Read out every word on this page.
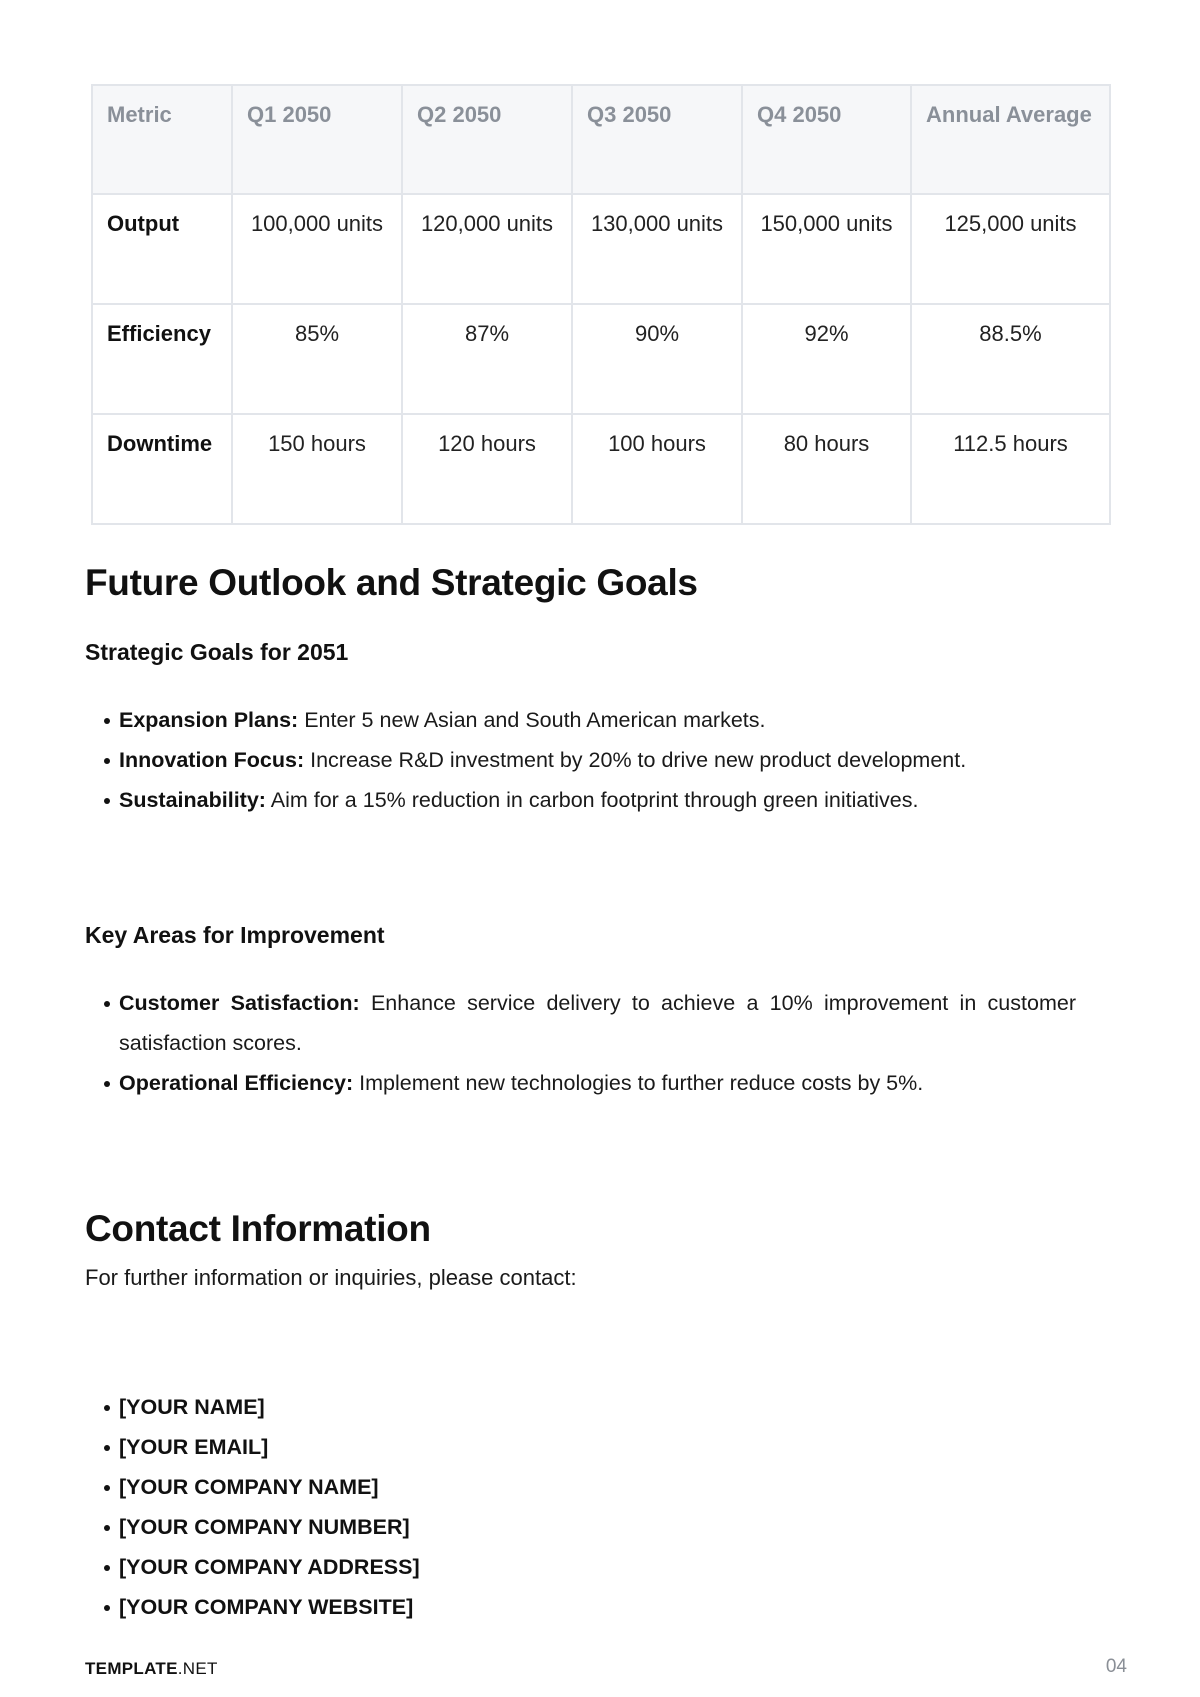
Metric	Q1 2050	Q2 2050	Q3 2050	Q4 2050	Annual Average
Output	100,000 units	120,000 units	130,000 units	150,000 units	125,000 units
Efficiency	85%	87%	90%	92%	88.5%
Downtime	150 hours	120 hours	100 hours	80 hours	112.5 hours
Future Outlook and Strategic Goals
Strategic Goals for 2051
Expansion Plans: Enter 5 new Asian and South American markets.
Innovation Focus: Increase R&D investment by 20% to drive new product development.
Sustainability: Aim for a 15% reduction in carbon footprint through green initiatives.
Key Areas for Improvement
Customer Satisfaction: Enhance service delivery to achieve a 10% improvement in customer satisfaction scores.
Operational Efficiency: Implement new technologies to further reduce costs by 5%.
Contact Information

For further information or inquiries, please contact:

[YOUR NAME]
[YOUR EMAIL]
[YOUR COMPANY NAME]
[YOUR COMPANY NUMBER]
[YOUR COMPANY ADDRESS]
[YOUR COMPANY WEBSITE]
TEMPLATE.NET	04
